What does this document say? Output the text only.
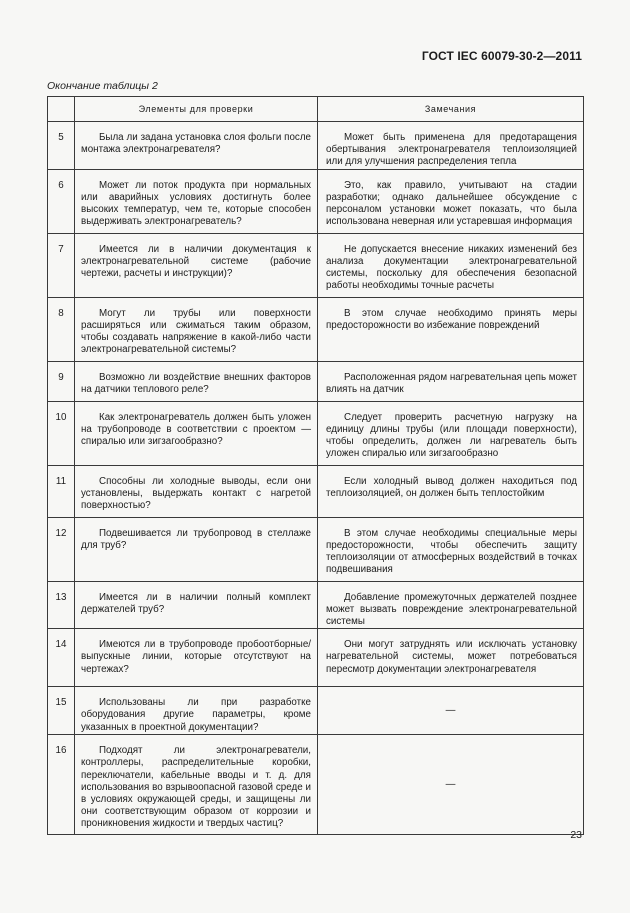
ГОСТ IEC 60079-30-2—2011
Окончание таблицы 2
	Элементы для проверки	Замечания
5	Была ли задана установка слоя фольги после монтажа электронагревателя?	Может быть применена для предотаращения обертывания электронагревателя теплоизоляцией или для улучшения распределения тепла
6	Может ли поток продукта при нормальных или аварийных условиях достигнуть более высоких температур, чем те, которые способен выдерживать электронагреватель?	Это, как правило, учитывают на стадии разработки; однако дальнейшее обсуждение с персоналом установки может показать, что была использована неверная или устаревшая информация
7	Имеется ли в наличии документация к электронагревательной системе (рабочие чертежи, расчеты и инструкции)?	Не допускается внесение никаких изменений без анализа документации электронагревательной системы, поскольку для обеспечения безопасной работы необходимы точные расчеты
8	Могут ли трубы или поверхности расширяться или сжиматься таким образом, чтобы создавать напряжение в какой-либо части электронагревательной системы?	В этом случае необходимо принять меры предосторожности во избежание повреждений
9	Возможно ли воздействие внешних факторов на датчики теплового реле?	Расположенная рядом нагревательная цепь может влиять на датчик
10	Как электронагреватель должен быть уложен на трубопроводе в соответствии с проектом — спиралью или зигзагообразно?	Следует проверить расчетную нагрузку на единицу длины трубы (или площади поверхности), чтобы определить, должен ли нагреватель быть уложен спиралью или зигзагообразно
11	Способны ли холодные выводы, если они установлены, выдержать контакт с нагретой поверхностью?	Если холодный вывод должен находиться под теплоизоляцией, он должен быть теплостойким
12	Подвешивается ли трубопровод в стеллаже для труб?	В этом случае необходимы специальные меры предосторожности, чтобы обеспечить защиту теплоизоляции от атмосферных воздействий в точках подвешивания
13	Имеется ли в наличии полный комплект держателей труб?	Добавление промежуточных держателей позднее может вызвать повреждение электронагревательной системы
14	Имеются ли в трубопроводе пробоотборные/выпускные линии, которые отсутствуют на чертежах?	Они могут затруднять или исключать установку нагревательной системы, может потребоваться пересмотр документации электронагревателя
15	Использованы ли при разработке оборудования другие параметры, кроме указанных в проектной документации?	—
16	Подходят ли электронагреватели, контроллеры, распределительные коробки, переключатели, кабельные вводы и т. д. для использования во взрывоопасной газовой среде и в условиях окружающей среды, и защищены ли они соответствующим образом от коррозии и проникновения жидкости и твердых частиц?	—
23
